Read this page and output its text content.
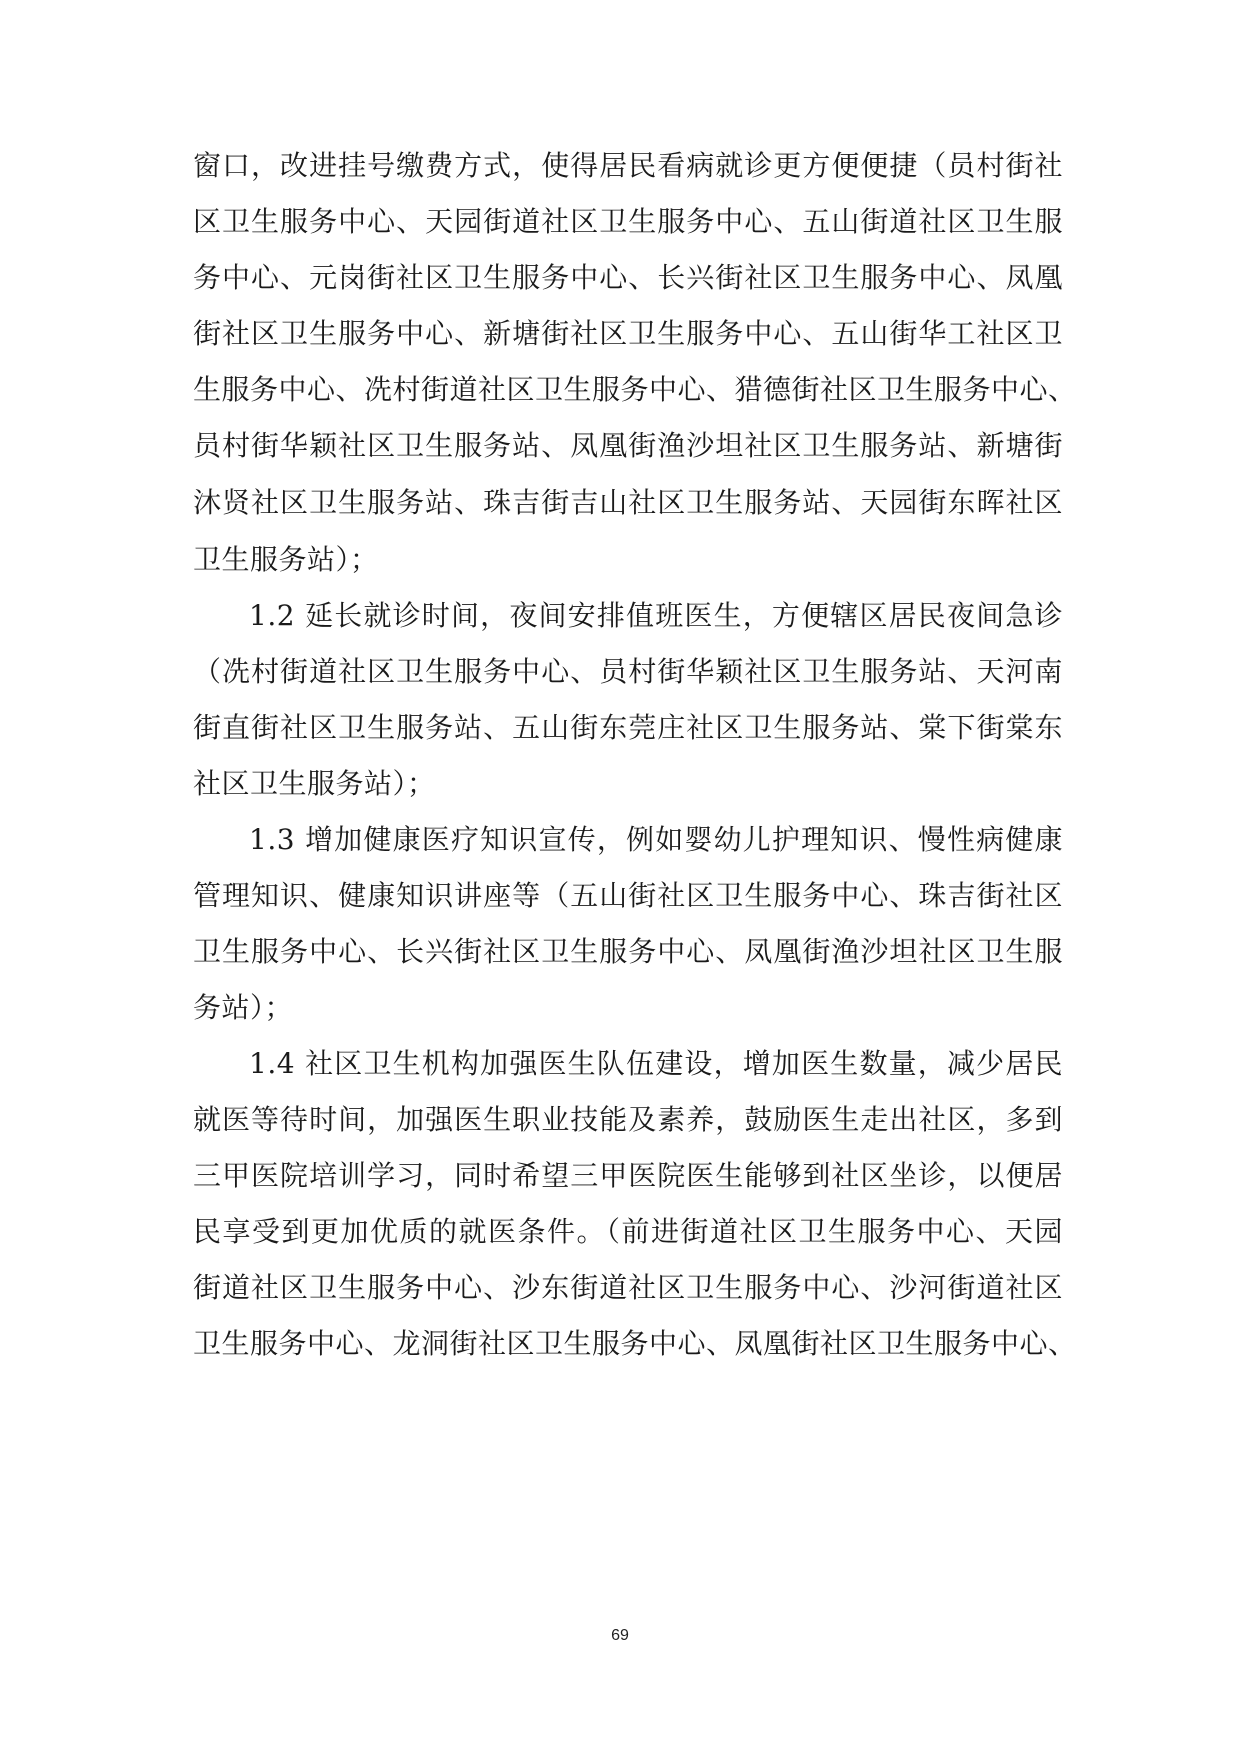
窗口，改进挂号缴费方式，使得居民看病就诊更方便便捷（员村街社
区卫生服务中心、天园街道社区卫生服务中心、五山街道社区卫生服
务中心、元岗街社区卫生服务中心、长兴街社区卫生服务中心、凤凰
街社区卫生服务中心、新塘街社区卫生服务中心、五山街华工社区卫
生服务中心、冼村街道社区卫生服务中心、猎德街社区卫生服务中心、
员村街华颖社区卫生服务站、凤凰街渔沙坦社区卫生服务站、新塘街
沐贤社区卫生服务站、珠吉街吉山社区卫生服务站、天园街东晖社区
卫生服务站）；
1.2 延长就诊时间，夜间安排值班医生，方便辖区居民夜间急诊
（冼村街道社区卫生服务中心、员村街华颖社区卫生服务站、天河南
街直街社区卫生服务站、五山街东莞庄社区卫生服务站、棠下街棠东
社区卫生服务站）；
1.3 增加健康医疗知识宣传，例如婴幼儿护理知识、慢性病健康
管理知识、健康知识讲座等（五山街社区卫生服务中心、珠吉街社区
卫生服务中心、长兴街社区卫生服务中心、凤凰街渔沙坦社区卫生服
务站）；
1.4 社区卫生机构加强医生队伍建设，增加医生数量，减少居民
就医等待时间，加强医生职业技能及素养，鼓励医生走出社区，多到
三甲医院培训学习，同时希望三甲医院医生能够到社区坐诊，以便居
民享受到更加优质的就医条件。（前进街道社区卫生服务中心、天园
街道社区卫生服务中心、沙东街道社区卫生服务中心、沙河街道社区
卫生服务中心、龙洞街社区卫生服务中心、凤凰街社区卫生服务中心、
69
